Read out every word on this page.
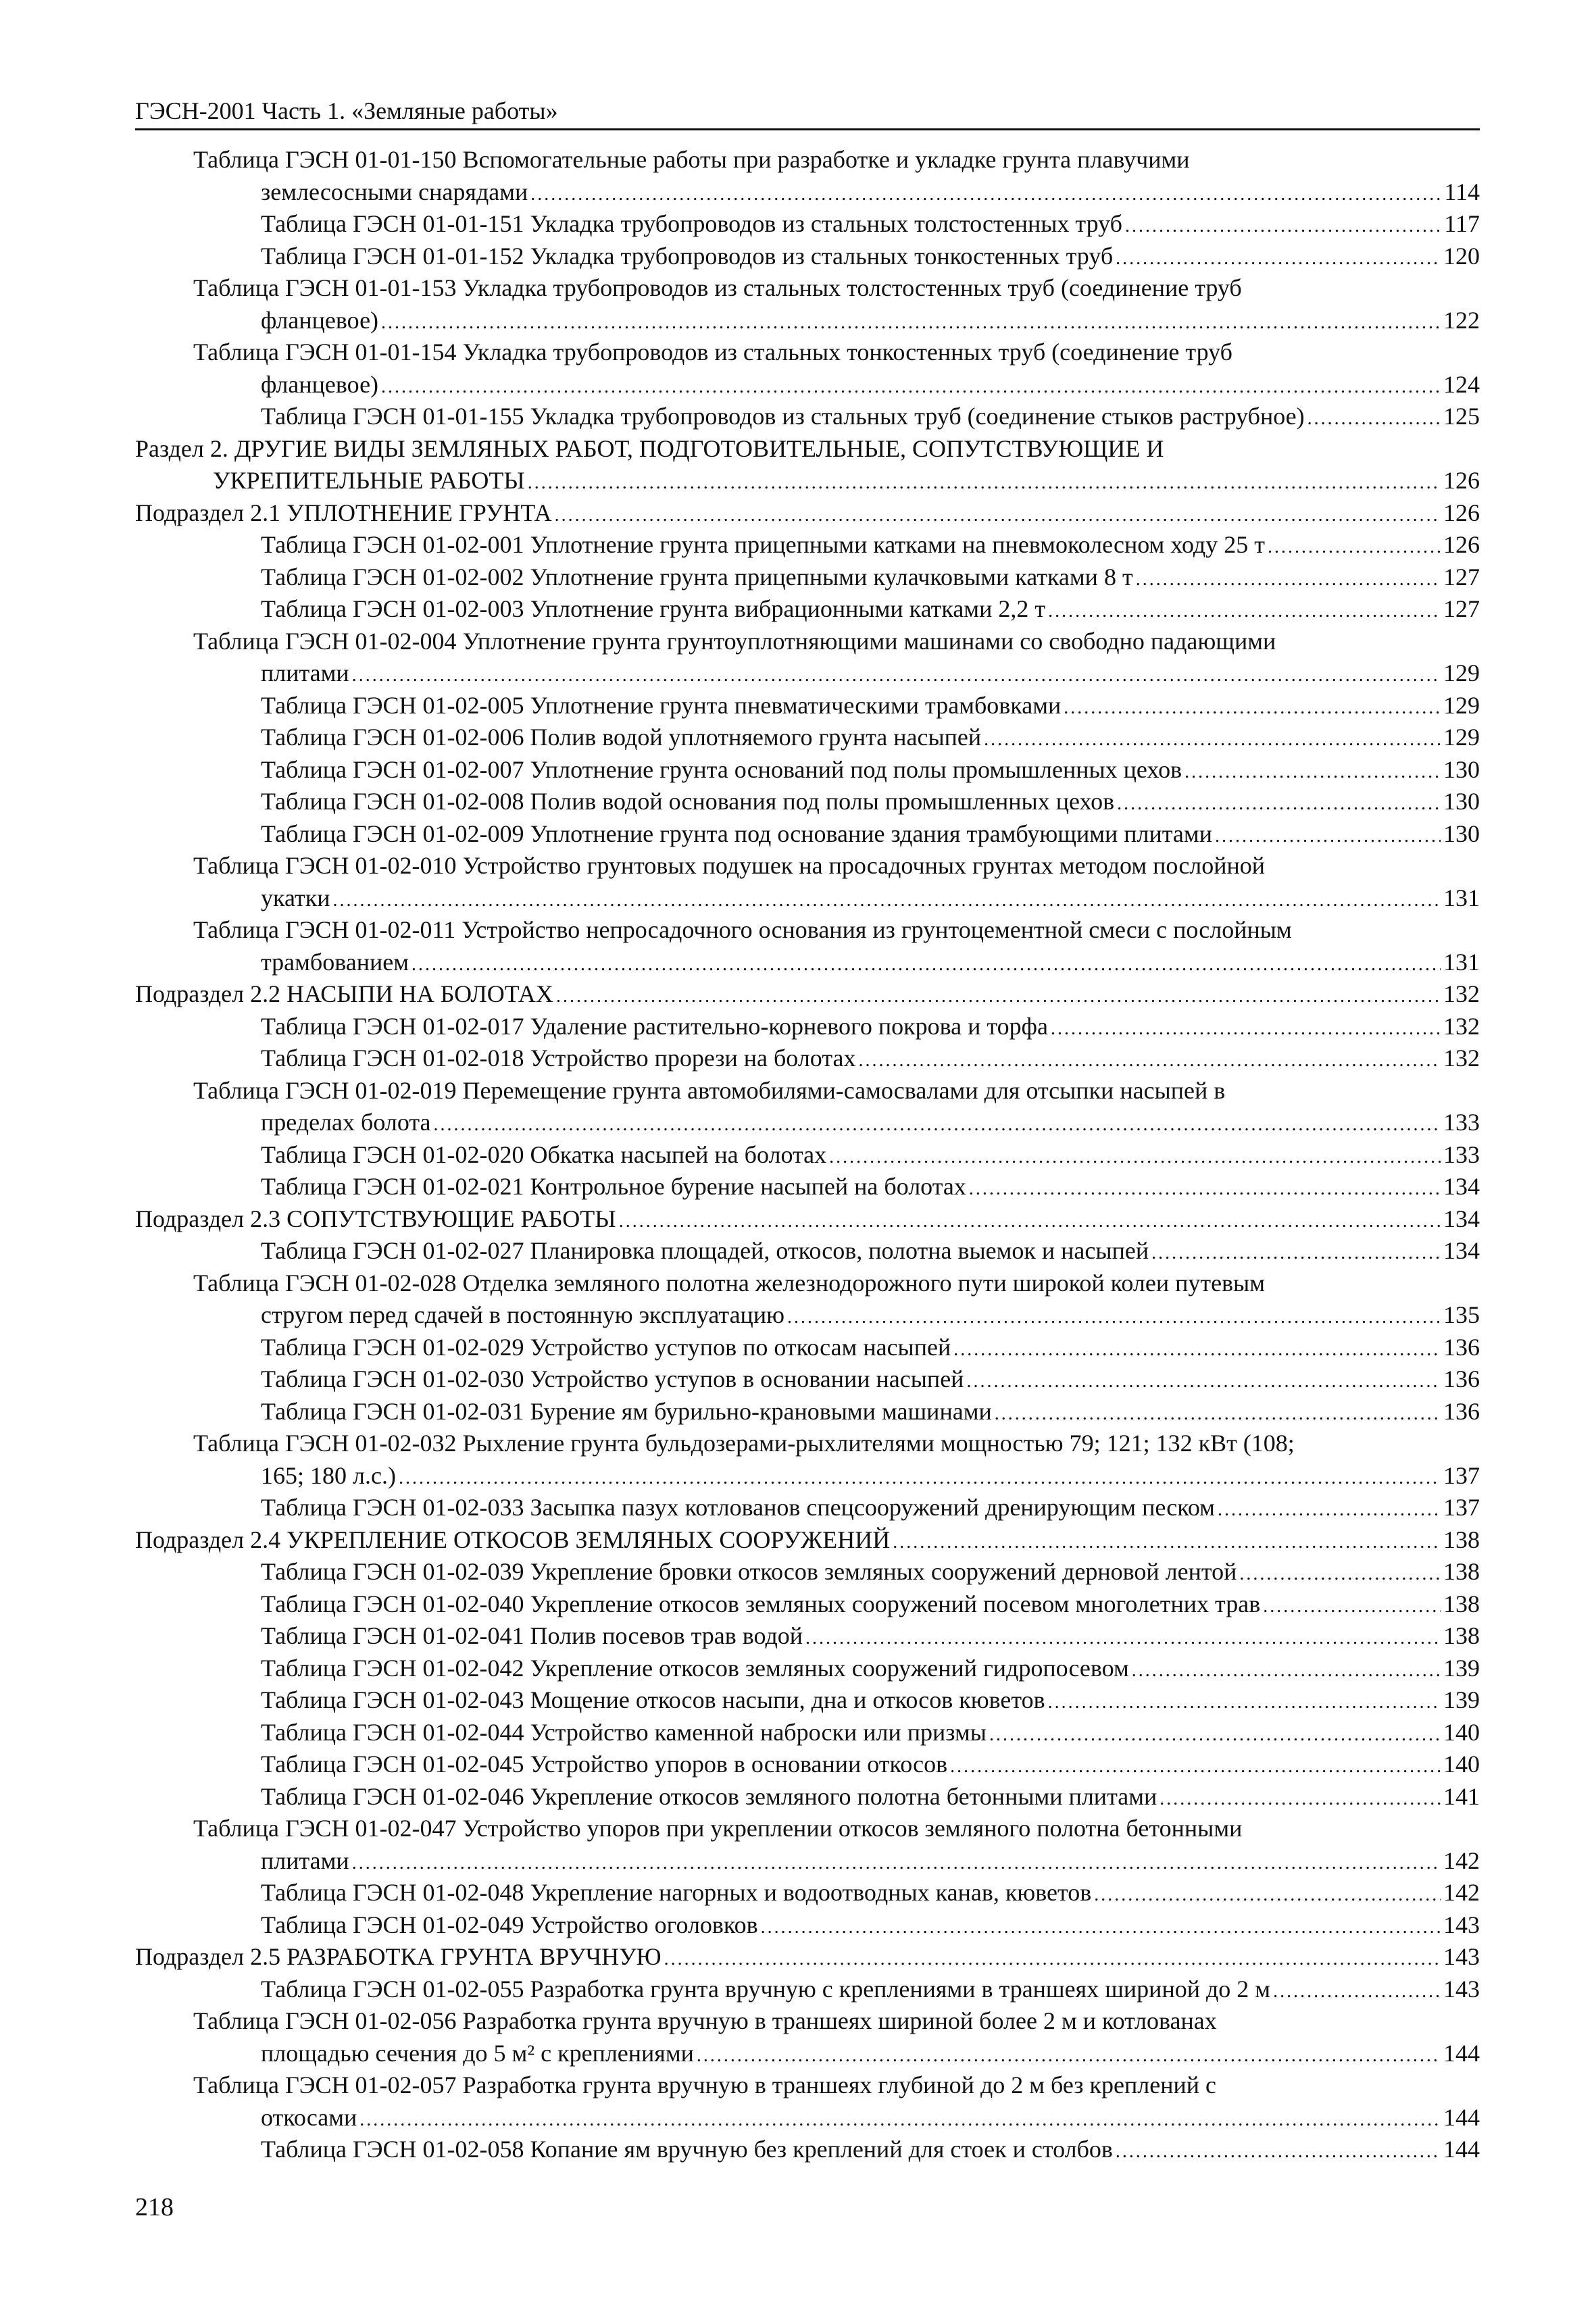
ГЭСН-2001 Часть 1. «Земляные работы»
Таблица ГЭСН 01-01-150 Вспомогательные работы при разработке и укладке грунта плавучими
землесосными снарядами . . .	114
Таблица ГЭСН 01-01-151 Укладка трубопроводов из стальных толстостенных труб . . .	117
Таблица ГЭСН 01-01-152 Укладка трубопроводов из стальных тонкостенных труб . . .	120
Таблица ГЭСН 01-01-153 Укладка трубопроводов из стальных толстостенных труб (соединение труб
фланцевое) . . .	122
Таблица ГЭСН 01-01-154 Укладка трубопроводов из стальных тонкостенных труб (соединение труб
фланцевое) . . .	124
Таблица ГЭСН 01-01-155 Укладка трубопроводов из стальных труб (соединение стыков раструбное) . . .	125
Раздел 2. ДРУГИЕ ВИДЫ ЗЕМЛЯНЫХ РАБОТ, ПОДГОТОВИТЕЛЬНЫЕ, СОПУТСТВУЮЩИЕ И
УКРЕПИТЕЛЬНЫЕ РАБОТЫ . . .	126
Подраздел 2.1 УПЛОТНЕНИЕ ГРУНТА . . .	126
Таблица ГЭСН 01-02-001 Уплотнение грунта прицепными катками на пневмоколесном ходу 25 т . . .	126
Таблица ГЭСН 01-02-002 Уплотнение грунта прицепными кулачковыми катками 8 т . . .	127
Таблица ГЭСН 01-02-003 Уплотнение грунта вибрационными катками 2,2 т . . .	127
Таблица ГЭСН 01-02-004 Уплотнение грунта грунтоуплотняющими машинами со свободно падающими
плитами . . .	129
Таблица ГЭСН 01-02-005 Уплотнение грунта пневматическими трамбовками . . .	129
Таблица ГЭСН 01-02-006 Полив водой уплотняемого грунта насыпей . . .	129
Таблица ГЭСН 01-02-007 Уплотнение грунта оснований под полы промышленных цехов . . .	130
Таблица ГЭСН 01-02-008 Полив водой основания под полы промышленных цехов . . .	130
Таблица ГЭСН 01-02-009 Уплотнение грунта под основание здания трамбующими плитами . . .	130
Таблица ГЭСН 01-02-010 Устройство грунтовых подушек на просадочных грунтах методом послойной
укатки . . .	131
Таблица ГЭСН 01-02-011 Устройство непросадочного основания из грунтоцементной смеси с послойным
трамбованием . . .	131
Подраздел 2.2 НАСЫПИ НА БОЛОТАХ . . .	132
Таблица ГЭСН 01-02-017 Удаление растительно-корневого покрова и торфа . . .	132
Таблица ГЭСН 01-02-018 Устройство прорези на болотах . . .	132
Таблица ГЭСН 01-02-019 Перемещение грунта автомобилями-самосвалами для отсыпки насыпей в
пределах болота . . .	133
Таблица ГЭСН 01-02-020 Обкатка насыпей на болотах . . .	133
Таблица ГЭСН 01-02-021 Контрольное бурение насыпей на болотах . . .	134
Подраздел 2.3 СОПУТСТВУЮЩИЕ РАБОТЫ . . .	134
Таблица ГЭСН 01-02-027 Планировка площадей, откосов, полотна выемок и насыпей . . .	134
Таблица ГЭСН 01-02-028 Отделка земляного полотна железнодорожного пути широкой колеи путевым
стругом перед сдачей в постоянную эксплуатацию . . .	135
Таблица ГЭСН 01-02-029 Устройство уступов по откосам насыпей . . .	136
Таблица ГЭСН 01-02-030 Устройство уступов в основании насыпей . . .	136
Таблица ГЭСН 01-02-031 Бурение ям бурильно-крановыми машинами . . .	136
Таблица ГЭСН 01-02-032 Рыхление грунта бульдозерами-рыхлителями мощностью 79; 121; 132 кВт (108;
165; 180 л.с.) . . .	137
Таблица ГЭСН 01-02-033 Засыпка пазух котлованов спецсооружений дренирующим песком . . .	137
Подраздел 2.4 УКРЕПЛЕНИЕ ОТКОСОВ ЗЕМЛЯНЫХ СООРУЖЕНИЙ . . .	138
Таблица ГЭСН 01-02-039 Укрепление бровки откосов земляных сооружений дерновой лентой . . .	138
Таблица ГЭСН 01-02-040 Укрепление откосов земляных сооружений посевом многолетних трав . . .	138
Таблица ГЭСН 01-02-041 Полив посевов трав водой . . .	138
Таблица ГЭСН 01-02-042 Укрепление откосов земляных сооружений гидропосевом . . .	139
Таблица ГЭСН 01-02-043 Мощение откосов насыпи, дна и откосов кюветов . . .	139
Таблица ГЭСН 01-02-044 Устройство каменной наброски или призмы . . .	140
Таблица ГЭСН 01-02-045 Устройство упоров в основании откосов . . .	140
Таблица ГЭСН 01-02-046 Укрепление откосов земляного полотна бетонными плитами . . .	141
Таблица ГЭСН 01-02-047 Устройство упоров при укреплении откосов земляного полотна бетонными
плитами . . .	142
Таблица ГЭСН 01-02-048 Укрепление нагорных и водоотводных канав, кюветов . . .	142
Таблица ГЭСН 01-02-049 Устройство оголовков . . .	143
Подраздел 2.5 РАЗРАБОТКА ГРУНТА ВРУЧНУЮ . . .	143
Таблица ГЭСН 01-02-055 Разработка грунта вручную с креплениями в траншеях шириной до 2 м . . .	143
Таблица ГЭСН 01-02-056 Разработка грунта вручную в траншеях шириной более 2 м и котлованах
площадью сечения до 5 м² с креплениями . . .	144
Таблица ГЭСН 01-02-057 Разработка грунта вручную в траншеях глубиной до 2 м без креплений с
откосами . . .	144
Таблица ГЭСН 01-02-058 Копание ям вручную без креплений для стоек и столбов . . .	144
218
